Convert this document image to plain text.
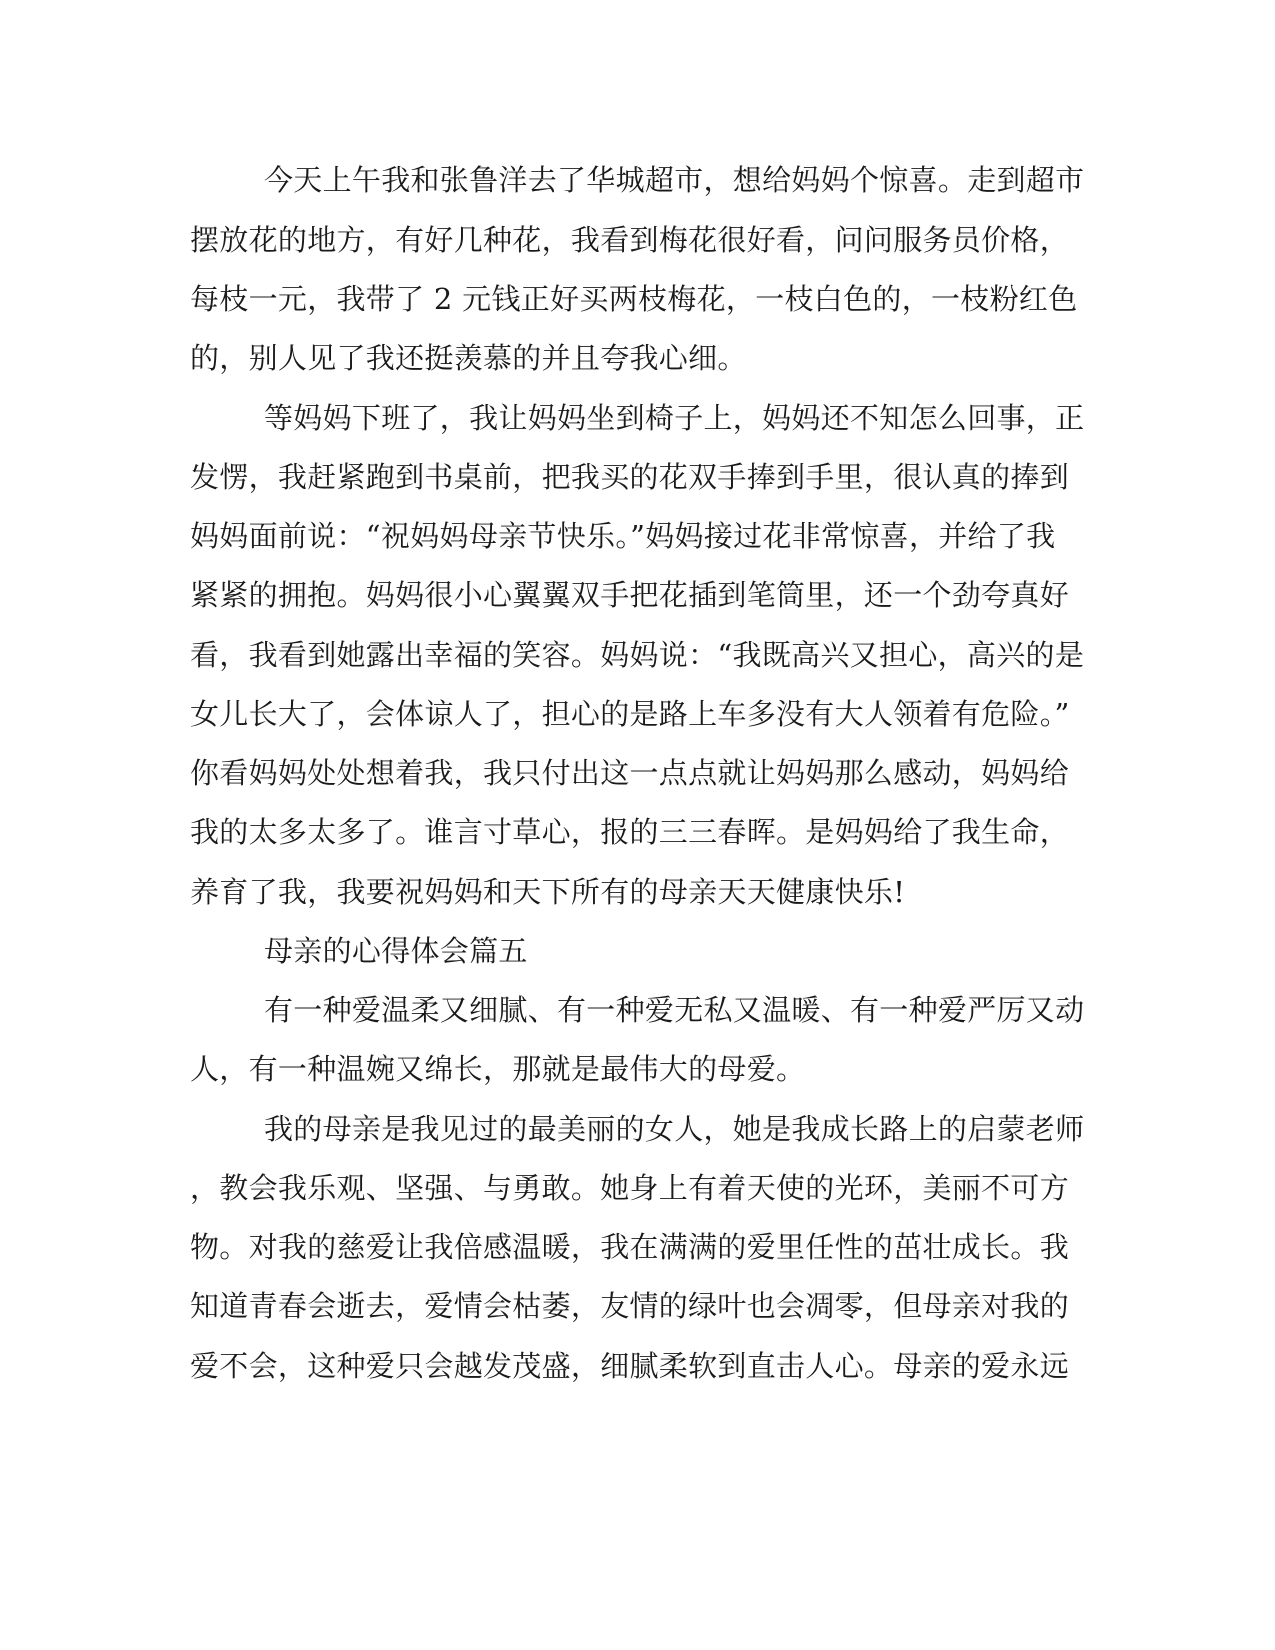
今天上午我和张鲁洋去了华城超市，想给妈妈个惊喜。走到超市

摆放花的地方，有好几种花，我看到梅花很好看，问问服务员价格，

每枝一元，我带了 2 元钱正好买两枝梅花，一枝白色的，一枝粉红色

的，别人见了我还挺羡慕的并且夸我心细。

等妈妈下班了，我让妈妈坐到椅子上，妈妈还不知怎么回事，正

发愣，我赶紧跑到书桌前，把我买的花双手捧到手里，很认真的捧到

妈妈面前说：“祝妈妈母亲节快乐。”妈妈接过花非常惊喜，并给了我

紧紧的拥抱。妈妈很小心翼翼双手把花插到笔筒里，还一个劲夸真好

看，我看到她露出幸福的笑容。妈妈说：“我既高兴又担心，高兴的是

女儿长大了，会体谅人了，担心的是路上车多没有大人领着有危险。”

你看妈妈处处想着我，我只付出这一点点就让妈妈那么感动，妈妈给

我的太多太多了。谁言寸草心，报的三三春晖。是妈妈给了我生命，

养育了我，我要祝妈妈和天下所有的母亲天天健康快乐!

母亲的心得体会篇五

有一种爱温柔又细腻、有一种爱无私又温暖、有一种爱严厉又动

人，有一种温婉又绵长，那就是最伟大的母爱。

我的母亲是我见过的最美丽的女人，她是我成长路上的启蒙老师

，教会我乐观、坚强、与勇敢。她身上有着天使的光环，美丽不可方

物。对我的慈爱让我倍感温暖，我在满满的爱里任性的茁壮成长。我

知道青春会逝去，爱情会枯萎，友情的绿叶也会凋零，但母亲对我的

爱不会，这种爱只会越发茂盛，细腻柔软到直击人心。母亲的爱永远
